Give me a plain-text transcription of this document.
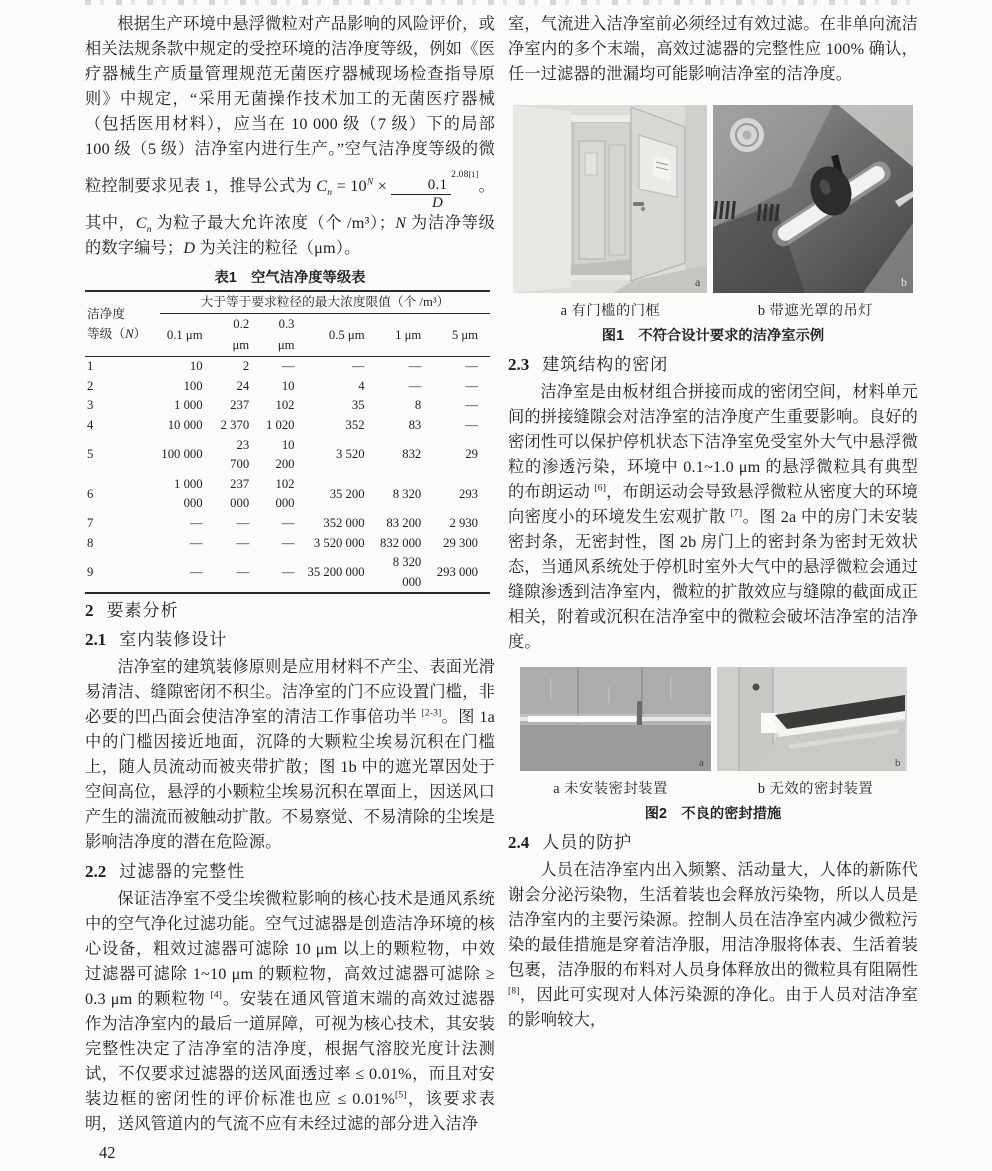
根据生产环境中悬浮微粒对产品影响的风险评价，或相关法规条款中规定的受控环境的洁净度等级，例如《医疗器械生产质量管理规范无菌医疗器械现场检查指导原则》中规定，“采用无菌操作技术加工的无菌医疗器械（包括医用材料），应当在 10 000 级（7 级）下的局部 100 级（5 级）洁净室内进行生产。”空气洁净度等级的微粒控制要求见表 1，推导公式为 $C_n = 10^N \times \frac{0.1}{D}$
$^{2.08[1]}$。其中，$C_n$ 为粒子最大允许浓度（个 /m³）；N 为洁净等级的数字编号；D 为关注的粒径（μm）。

表1　空气洁净度等级表
洁净度
等级（N）	大于等于要求粒径的最大浓度限值（个 /m³）					
	0.1 μm	0.2 μm	0.3 μm	0.5 μm	1 μm	5 μm
1	10	2	—	—	—	—
2	100	24	10	4	—	—
3	1 000	237	102	35	8	—
4	10 000	2 370	1 020	352	83	—
5	100 000	23 700	10 200	3 520	832	29
6	1 000 000	237 000	102 000	35 200	8 320	293
7	—	—	—	352 000	83 200	2 930
8	—	—	—	3 520 000	832 000	29 300
9	—	—	—	35 200 000	8 320 000	293 000
2 要素分析
2.1 室内装修设计

洁净室的建筑装修原则是应用材料不产尘、表面光滑易清洁、缝隙密闭不积尘。洁净室的门不应设置门槛，非必要的凹凸面会使洁净室的清洁工作事倍功半 [2-3]。图 1a 中的门槛因接近地面，沉降的大颗粒尘埃易沉积在门槛上，随人员流动而被夹带扩散；图 1b 中的遮光罩因处于空间高位，悬浮的小颗粒尘埃易沉积在罩面上，因送风口产生的湍流而被触动扩散。不易察觉、不易清除的尘埃是影响洁净度的潜在危险源。

2.2 过滤器的完整性

保证洁净室不受尘埃微粒影响的核心技术是通风系统中的空气净化过滤功能。空气过滤器是创造洁净环境的核心设备，粗效过滤器可滤除 10 μm 以上的颗粒物，中效过滤器可滤除 1~10 μm 的颗粒物，高效过滤器可滤除 ≥ 0.3 μm 的颗粒物 [4]。安装在通风管道末端的高效过滤器作为洁净室内的最后一道屏障，可视为核心技术，其安装完整性决定了洁净室的洁净度，根据气溶胶光度计法测试，不仅要求过滤器的送风面透过率 ≤ 0.01%，而且对安装边框的密闭性的评价标准也应 ≤ 0.01%[5]，该要求表明，送风管道内的气流不应有未经过滤的部分进入洁净

室，气流进入洁净室前必须经过有效过滤。在非单向流洁净室内的多个末端，高效过滤器的完整性应 100% 确认，任一过滤器的泄漏均可能影响洁净室的洁净度。

a	b
a 有门槛的门框	b 带遮光罩的吊灯
图1　不符合设计要求的洁净室示例
2.3 建筑结构的密闭

洁净室是由板材组合拼接而成的密闭空间，材料单元间的拼接缝隙会对洁净室的洁净度产生重要影响。良好的密闭性可以保护停机状态下洁净室免受室外大气中悬浮微粒的渗透污染，环境中 0.1~1.0 μm 的悬浮微粒具有典型的布朗运动 [6]，布朗运动会导致悬浮微粒从密度大的环境向密度小的环境发生宏观扩散 [7]。图 2a 中的房门未安装密封条，无密封性，图 2b 房门上的密封条为密封无效状态，当通风系统处于停机时室外大气中的悬浮微粒会通过缝隙渗透到洁净室内，微粒的扩散效应与缝隙的截面成正相关，附着或沉积在洁净室中的微粒会破坏洁净室的洁净度。

a	b
a 未安装密封装置	b 无效的密封装置
图2　不良的密封措施
2.4 人员的防护

人员在洁净室内出入频繁、活动量大，人体的新陈代谢会分泌污染物，生活着装也会释放污染物，所以人员是洁净室内的主要污染源。控制人员在洁净室内减少微粒污染的最佳措施是穿着洁净服，用洁净服将体表、生活着装包裹，洁净服的布料对人员身体释放出的微粒具有阻隔性 [8]，因此可实现对人体污染源的净化。由于人员对洁净室的影响较大，

42
